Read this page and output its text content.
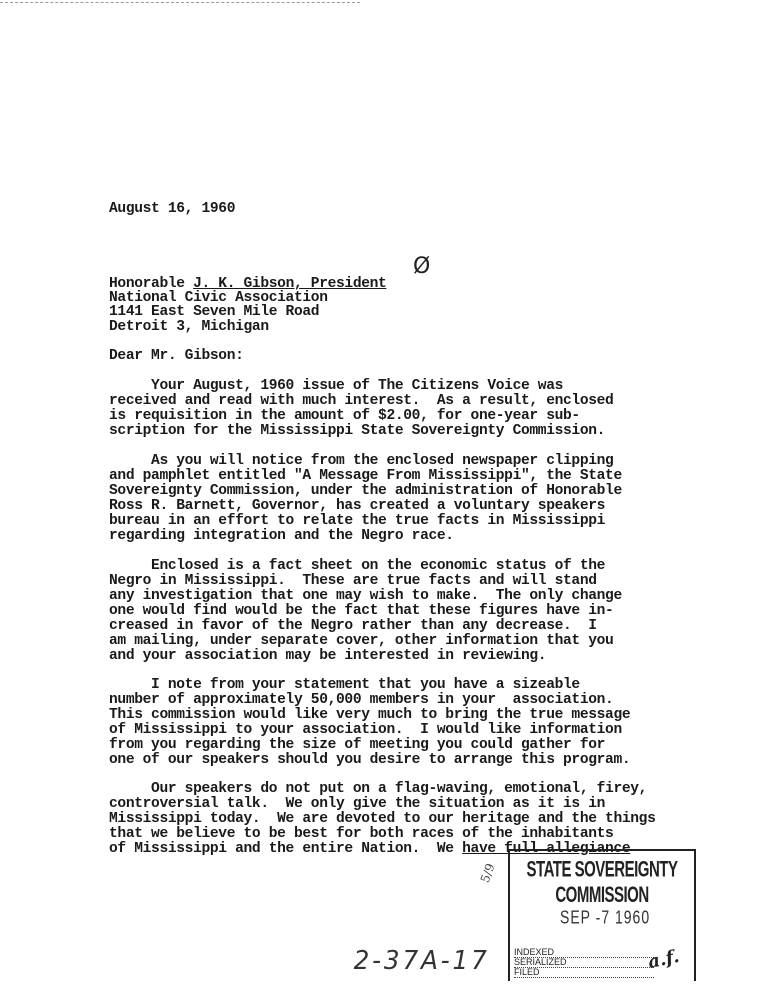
August 16, 1960
Honorable J. K. Gibson, President
National Civic Association
1141 East Seven Mile Road
Detroit 3, Michigan
Ø
Dear Mr. Gibson:
Your August, 1960 issue of The Citizens Voice was
received and read with much interest.  As a result, enclosed
is requisition in the amount of $2.00, for one-year sub-
scription for the Mississippi State Sovereignty Commission.
As you will notice from the enclosed newspaper clipping
and pamphlet entitled "A Message From Mississippi", the State
Sovereignty Commission, under the administration of Honorable
Ross R. Barnett, Governor, has created a voluntary speakers
bureau in an effort to relate the true facts in Mississippi
regarding integration and the Negro race.
Enclosed is a fact sheet on the economic status of the
Negro in Mississippi.  These are true facts and will stand
any investigation that one may wish to make.  The only change
one would find would be the fact that these figures have in-
creased in favor of the Negro rather than any decrease.  I
am mailing, under separate cover, other information that you
and your association may be interested in reviewing.
I note from your statement that you have a sizeable
number of approximately 50,000 members in your  association.
This commission would like very much to bring the true message
of Mississippi to your association.  I would like information
from you regarding the size of meeting you could gather for
one of our speakers should you desire to arrange this program.
Our speakers do not put on a flag-waving, emotional, firey,
controversial talk.  We only give the situation as it is in
Mississippi today.  We are devoted to our heritage and the things
that we believe to be best for both races of the inhabitants
of Mississippi and the entire Nation.  We have full allegiance
5/9	STATE SOVEREIGNTY COMMISSION
SEP -7 1960
INDEXED
SERIALIZED
FILED	a.f.
2-37A-17
